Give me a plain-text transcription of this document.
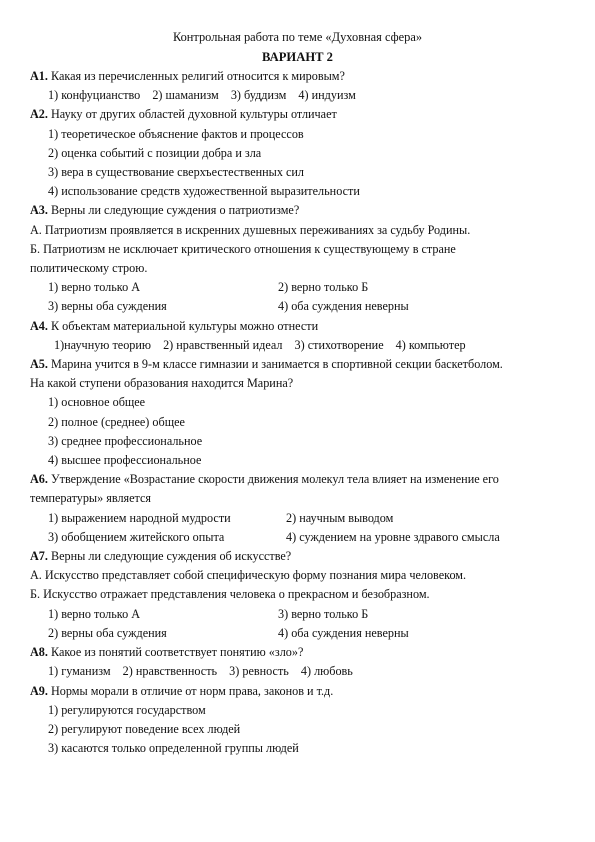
Контрольная работа по теме «Духовная сфера»
ВАРИАНТ 2
А1. Какая из перечисленных религий относится к мировым?
1) конфуцианство 2) шаманизм 3) буддизм 4) индуизм
А2. Науку от других областей духовной культуры отличает
1) теоретическое объяснение фактов и процессов
2) оценка событий с позиции добра и зла
3) вера в существование сверхъестественных сил
4) использование средств художественной выразительности
А3. Верны ли следующие суждения о патриотизме?
А. Патриотизм проявляется в искренних душевных переживаниях за судьбу Родины.
Б. Патриотизм не исключает критического отношения к существующему в стране
политическому строю.
1) верно только А	2) верно только Б
3) верны оба суждения	4) оба суждения неверны
А4. К объектам материальной культуры можно отнести
1)научную теорию 2) нравственный идеал 3) стихотворение 4) компьютер
А5. Марина учится в 9-м классе гимназии и занимается в спортивной секции баскетболом.
На какой ступени образования находится Марина?
1) основное общее
2) полное (среднее) общее
3) среднее профессиональное
4) высшее профессиональное
А6. Утверждение «Возрастание скорости движения молекул тела влияет на изменение его
температуры» является
1) выражением народной мудрости	2) научным выводом
3) обобщением житейского опыта	4) суждением на уровне здравого смысла
А7. Верны ли следующие суждения об искусстве?
А. Искусство представляет собой специфическую форму познания мира человеком.
Б. Искусство отражает представления человека о прекрасном и безобразном.
1) верно только А	3) верно только Б
2) верны оба суждения	4) оба суждения неверны
А8. Какое из понятий соответствует понятию «зло»?
1) гуманизм 2) нравственность 3) ревность 4) любовь
А9. Нормы морали в отличие от норм права, законов и т.д.
1) регулируются государством
2) регулируют поведение всех людей
3) касаются только определенной группы людей
